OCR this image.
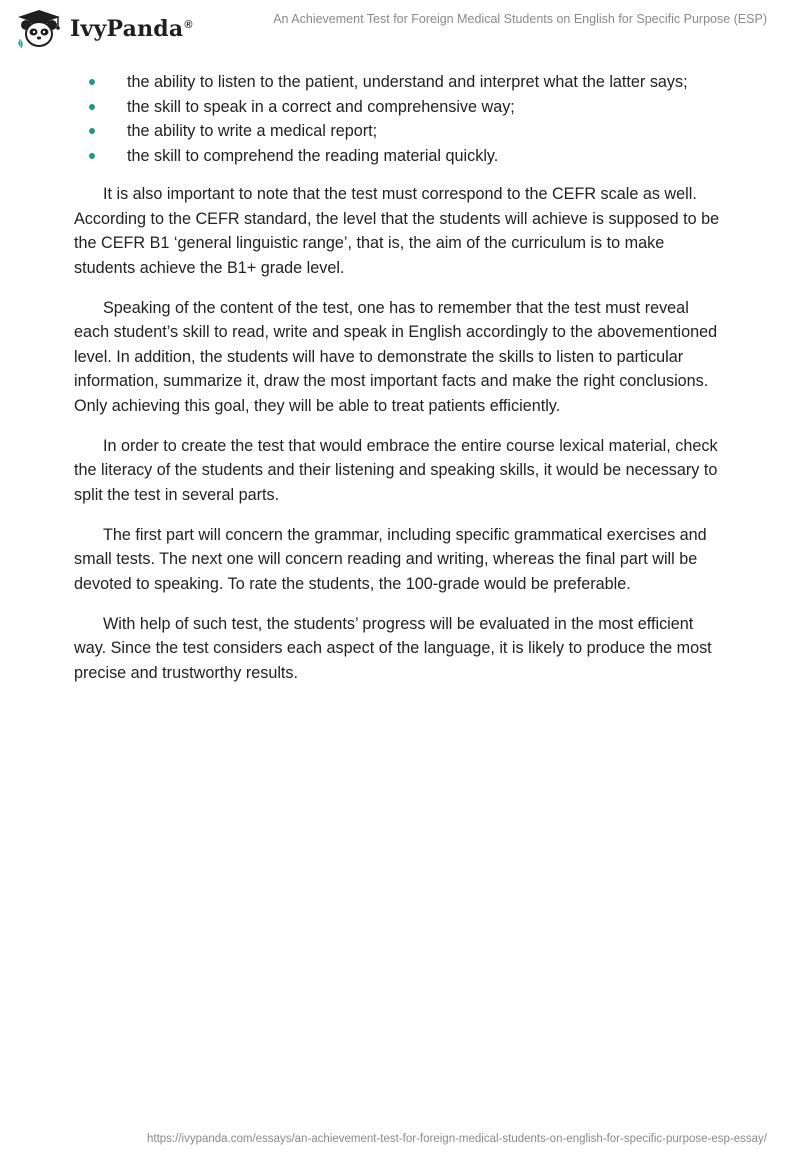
IvyPanda®	An Achievement Test for Foreign Medical Students on English for Specific Purpose (ESP)
the ability to listen to the patient, understand and interpret what the latter says;
the skill to speak in a correct and comprehensive way;
the ability to write a medical report;
the skill to comprehend the reading material quickly.

It is also important to note that the test must correspond to the CEFR scale as well. According to the CEFR standard, the level that the students will achieve is supposed to be the CEFR B1 ‘general linguistic range’, that is, the aim of the curriculum is to make students achieve the B1+ grade level.

Speaking of the content of the test, one has to remember that the test must reveal each student’s skill to read, write and speak in English accordingly to the abovementioned level. In addition, the students will have to demonstrate the skills to listen to particular information, summarize it, draw the most important facts and make the right conclusions. Only achieving this goal, they will be able to treat patients efficiently.

In order to create the test that would embrace the entire course lexical material, check the literacy of the students and their listening and speaking skills, it would be necessary to split the test in several parts.

The first part will concern the grammar, including specific grammatical exercises and small tests. The next one will concern reading and writing, whereas the final part will be devoted to speaking. To rate the students, the 100-grade would be preferable.

With help of such test, the students’ progress will be evaluated in the most efficient way. Since the test considers each aspect of the language, it is likely to produce the most precise and trustworthy results.

https://ivypanda.com/essays/an-achievement-test-for-foreign-medical-students-on-english-for-specific-purpose-esp-essay/
